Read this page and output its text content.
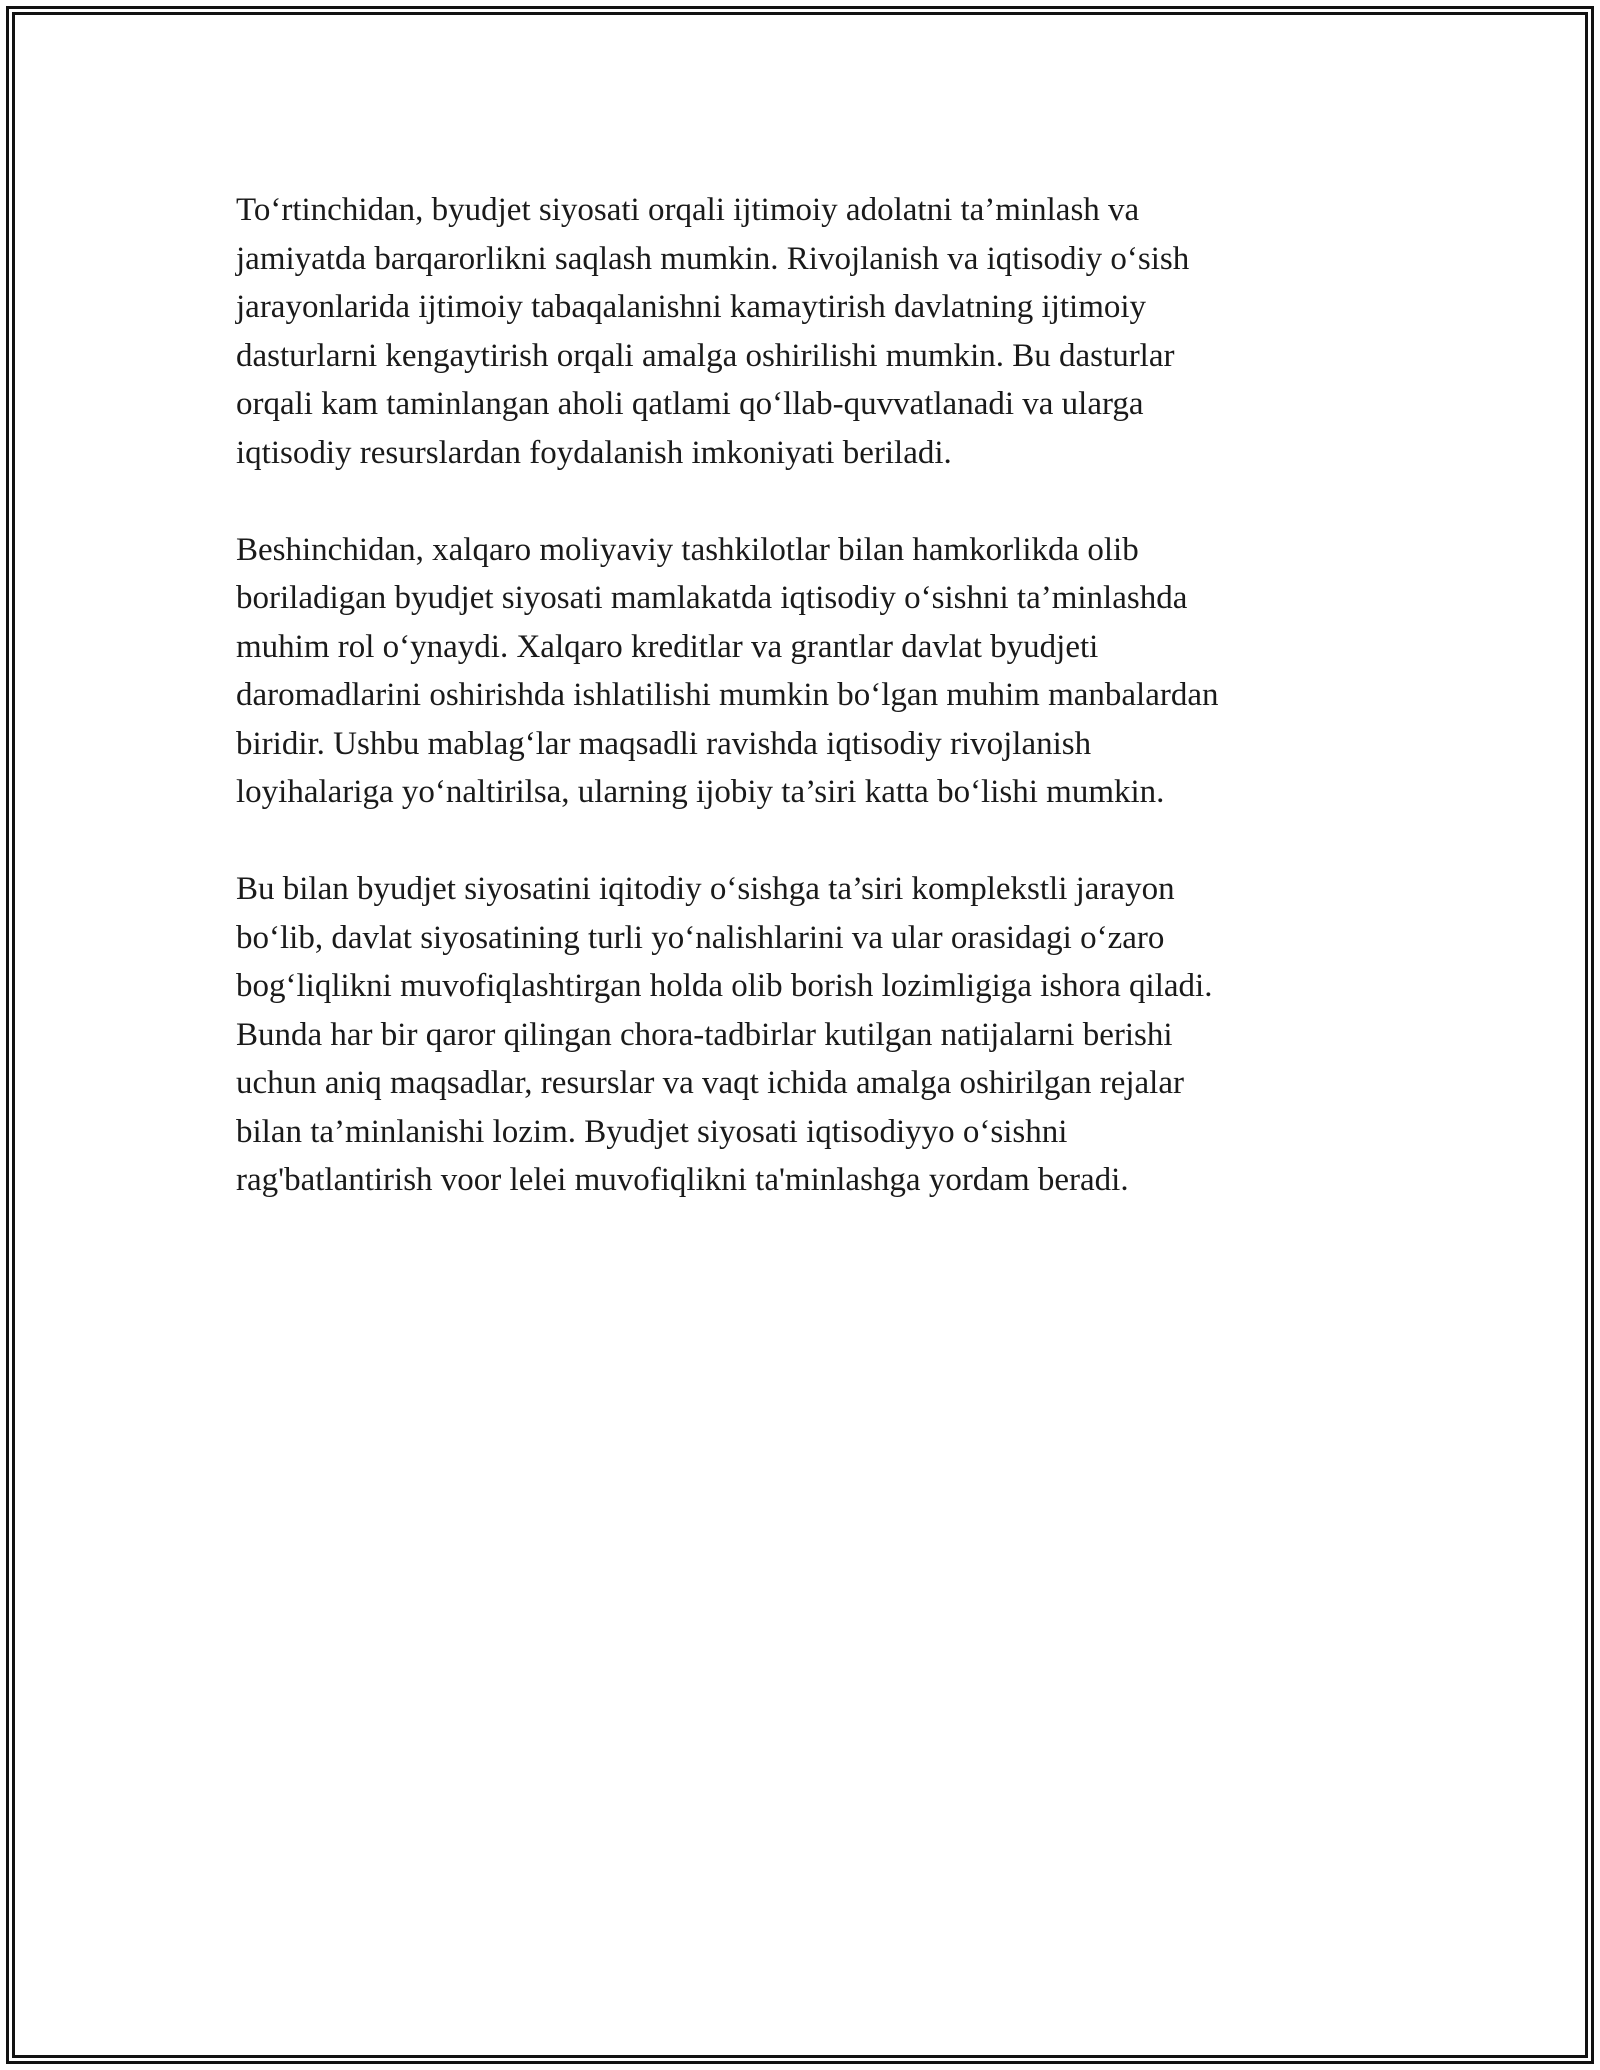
To‘rtinchidan, byudjet siyosati orqali ijtimoiy adolatni ta’minlash va
jamiyatda barqarorlikni saqlash mumkin. Rivojlanish va iqtisodiy o‘sish
jarayonlarida ijtimoiy tabaqalanishni kamaytirish davlatning ijtimoiy
dasturlarni kengaytirish orqali amalga oshirilishi mumkin. Bu dasturlar
orqali kam taminlangan aholi qatlami qo‘llab-quvvatlanadi va ularga
iqtisodiy resurslardan foydalanish imkoniyati beriladi.

Beshinchidan, xalqaro moliyaviy tashkilotlar bilan hamkorlikda olib
boriladigan byudjet siyosati mamlakatda iqtisodiy o‘sishni ta’minlashda
muhim rol o‘ynaydi. Xalqaro kreditlar va grantlar davlat byudjeti
daromadlarini oshirishda ishlatilishi mumkin bo‘lgan muhim manbalardan
biridir. Ushbu mablag‘lar maqsadli ravishda iqtisodiy rivojlanish
loyihalariga yo‘naltirilsa, ularning ijobiy ta’siri katta bo‘lishi mumkin.

Bu bilan byudjet siyosatini iqitodiy o‘sishga ta’siri komplekstli jarayon
bo‘lib, davlat siyosatining turli yo‘nalishlarini va ular orasidagi o‘zaro
bog‘liqlikni muvofiqlashtirgan holda olib borish lozimligiga ishora qiladi.
Bunda har bir qaror qilingan chora-tadbirlar kutilgan natijalarni berishi
uchun aniq maqsadlar, resurslar va vaqt ichida amalga oshirilgan rejalar
bilan ta’minlanishi lozim. Byudjet siyosati iqtisodiyyo o‘sishni
rag'batlantirish voor lelei muvofiqlikni ta'minlashga yordam beradi.
